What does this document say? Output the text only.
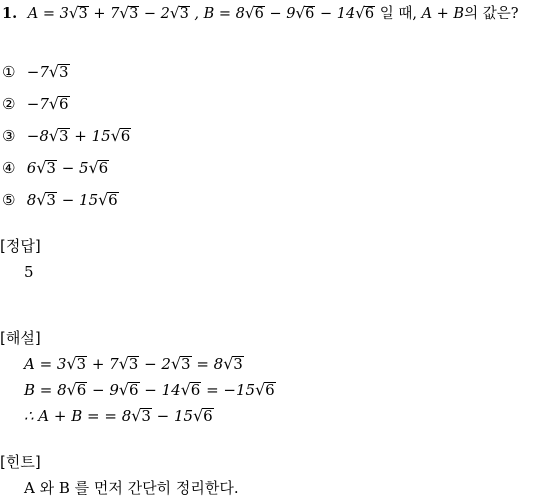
1. A = 3 √ 3 + 7 √ 3 − 2 √ 3 , B = 8 √ 6 − 9 √ 6 − 14 √ 6 일 때, A + B의 값은?
① −7 √ 3
② −7 √ 6
③ −8 √ 3 + 15 √ 6
④ 6 √ 3 − 5 √ 6
⑤ 8 √ 3 − 15 √ 6
[정답]
5
[해설]
A = 3 √ 3 + 7 √ 3 − 2 √ 3 = 8 √ 3
B = 8 √ 6 − 9 √ 6 − 14 √ 6 = −15 √ 6
∴ A + B = = 8 √ 3 − 15 √ 6
[힌트]
A 와 B 를 먼저 간단히 정리한다.
